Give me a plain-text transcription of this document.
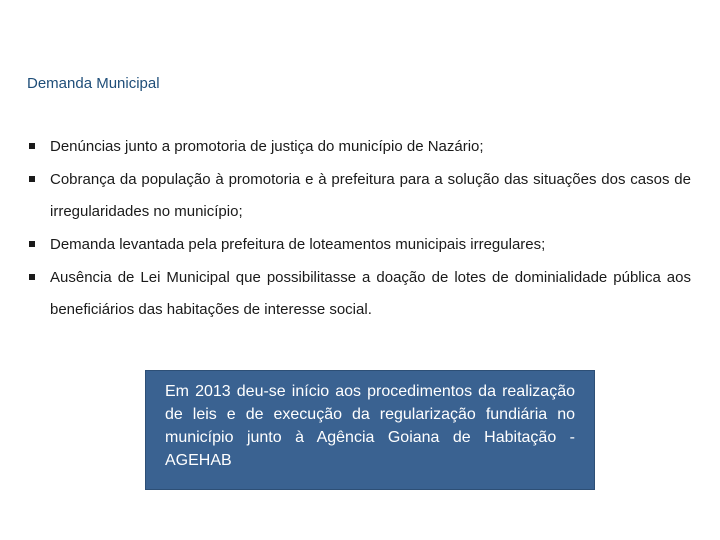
Demanda Municipal
Denúncias junto a promotoria de justiça do município de Nazário;
Cobrança da população à promotoria e à prefeitura para a solução das situações dos casos de irregularidades no município;
Demanda levantada pela prefeitura de loteamentos municipais irregulares;
Ausência de Lei Municipal que possibilitasse a doação de lotes de dominialidade pública aos beneficiários das habitações de interesse social.
Em 2013 deu-se início aos procedimentos da realização de leis e de execução da regularização fundiária no município junto à Agência Goiana de Habitação - AGEHAB
